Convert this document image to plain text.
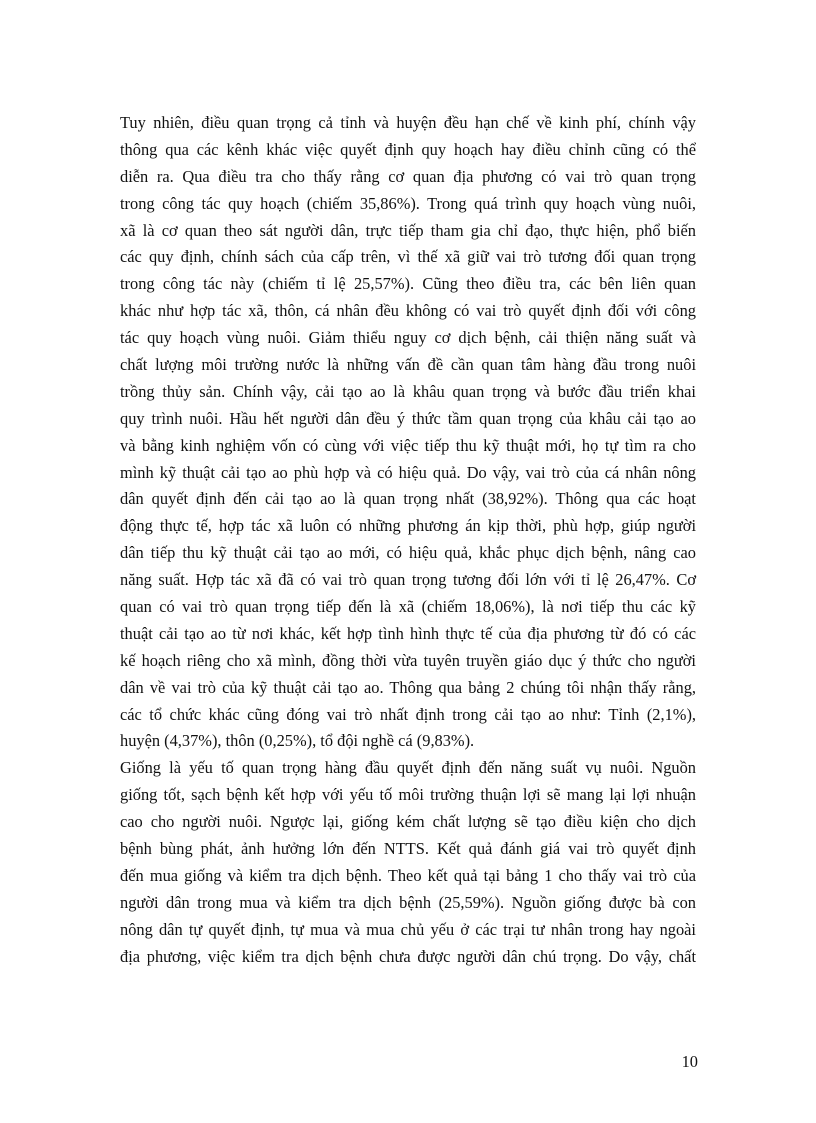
Tuy nhiên, điều quan trọng cả tỉnh và huyện đều hạn chế về kinh phí, chính vậy
thông qua các kênh khác việc quyết định quy hoạch hay điều chỉnh cũng có thể
diễn ra. Qua điều tra cho thấy rằng cơ quan địa phương có vai trò quan trọng
trong công tác quy hoạch (chiếm 35,86%). Trong quá trình quy hoạch vùng nuôi,
xã là cơ quan theo sát người dân, trực tiếp tham gia chỉ đạo, thực hiện, phổ biến
các quy định, chính sách của cấp trên, vì thế xã giữ vai trò tương đối quan trọng
trong công tác này (chiếm tỉ lệ 25,57%). Cũng theo điều tra, các bên liên quan
khác như hợp tác xã, thôn, cá nhân đều không có vai trò quyết định đối với công
tác quy hoạch vùng nuôi. Giảm thiểu nguy cơ dịch bệnh, cải thiện năng suất và
chất lượng môi trường nước là những vấn đề cần quan tâm hàng đầu trong nuôi
trồng thủy sản. Chính vậy, cải tạo ao là khâu quan trọng và bước đầu triển khai
quy trình nuôi. Hầu hết người dân đều ý thức tầm quan trọng của khâu cải tạo ao
và bằng kinh nghiệm vốn có cùng với việc tiếp thu kỹ thuật mới, họ tự tìm ra cho
mình kỹ thuật cải tạo ao phù hợp và có hiệu quả. Do vậy, vai trò của cá nhân nông
dân quyết định đến cải tạo ao là quan trọng nhất (38,92%). Thông qua các hoạt
động thực tế, hợp tác xã luôn có những phương án kịp thời, phù hợp, giúp người
dân tiếp thu kỹ thuật cải tạo ao mới, có hiệu quả, khắc phục dịch bệnh, nâng cao
năng suất. Hợp tác xã đã có vai trò quan trọng tương đối lớn với tỉ lệ 26,47%. Cơ
quan có vai trò quan trọng tiếp đến là xã (chiếm 18,06%), là nơi tiếp thu các kỹ
thuật cải tạo ao từ nơi khác, kết hợp tình hình thực tế của địa phương từ đó có các
kế hoạch riêng cho xã mình, đồng thời vừa tuyên truyền giáo dục ý thức cho người
dân về vai trò của kỹ thuật cải tạo ao. Thông qua bảng 2 chúng tôi nhận thấy rằng,
các tổ chức khác cũng đóng vai trò nhất định trong cải tạo ao như: Tỉnh (2,1%),
huyện (4,37%), thôn (0,25%), tổ đội nghề cá (9,83%).
Giống là yếu tố quan trọng hàng đầu quyết định đến năng suất vụ nuôi. Nguồn
giống tốt, sạch bệnh kết hợp với yếu tố môi trường thuận lợi sẽ mang lại lợi nhuận
cao cho người nuôi. Ngược lại, giống kém chất lượng sẽ tạo điều kiện cho dịch
bệnh bùng phát, ảnh hưởng lớn đến NTTS. Kết quả đánh giá vai trò quyết định
đến mua giống và kiểm tra dịch bệnh. Theo kết quả tại bảng 1 cho thấy vai trò của
người dân trong mua và kiểm tra dịch bệnh (25,59%). Nguồn giống được bà con
nông dân tự quyết định, tự mua và mua chủ yếu ở các trại tư nhân trong hay ngoài
địa phương, việc kiểm tra dịch bệnh chưa được người dân chú trọng. Do vậy, chất
10
